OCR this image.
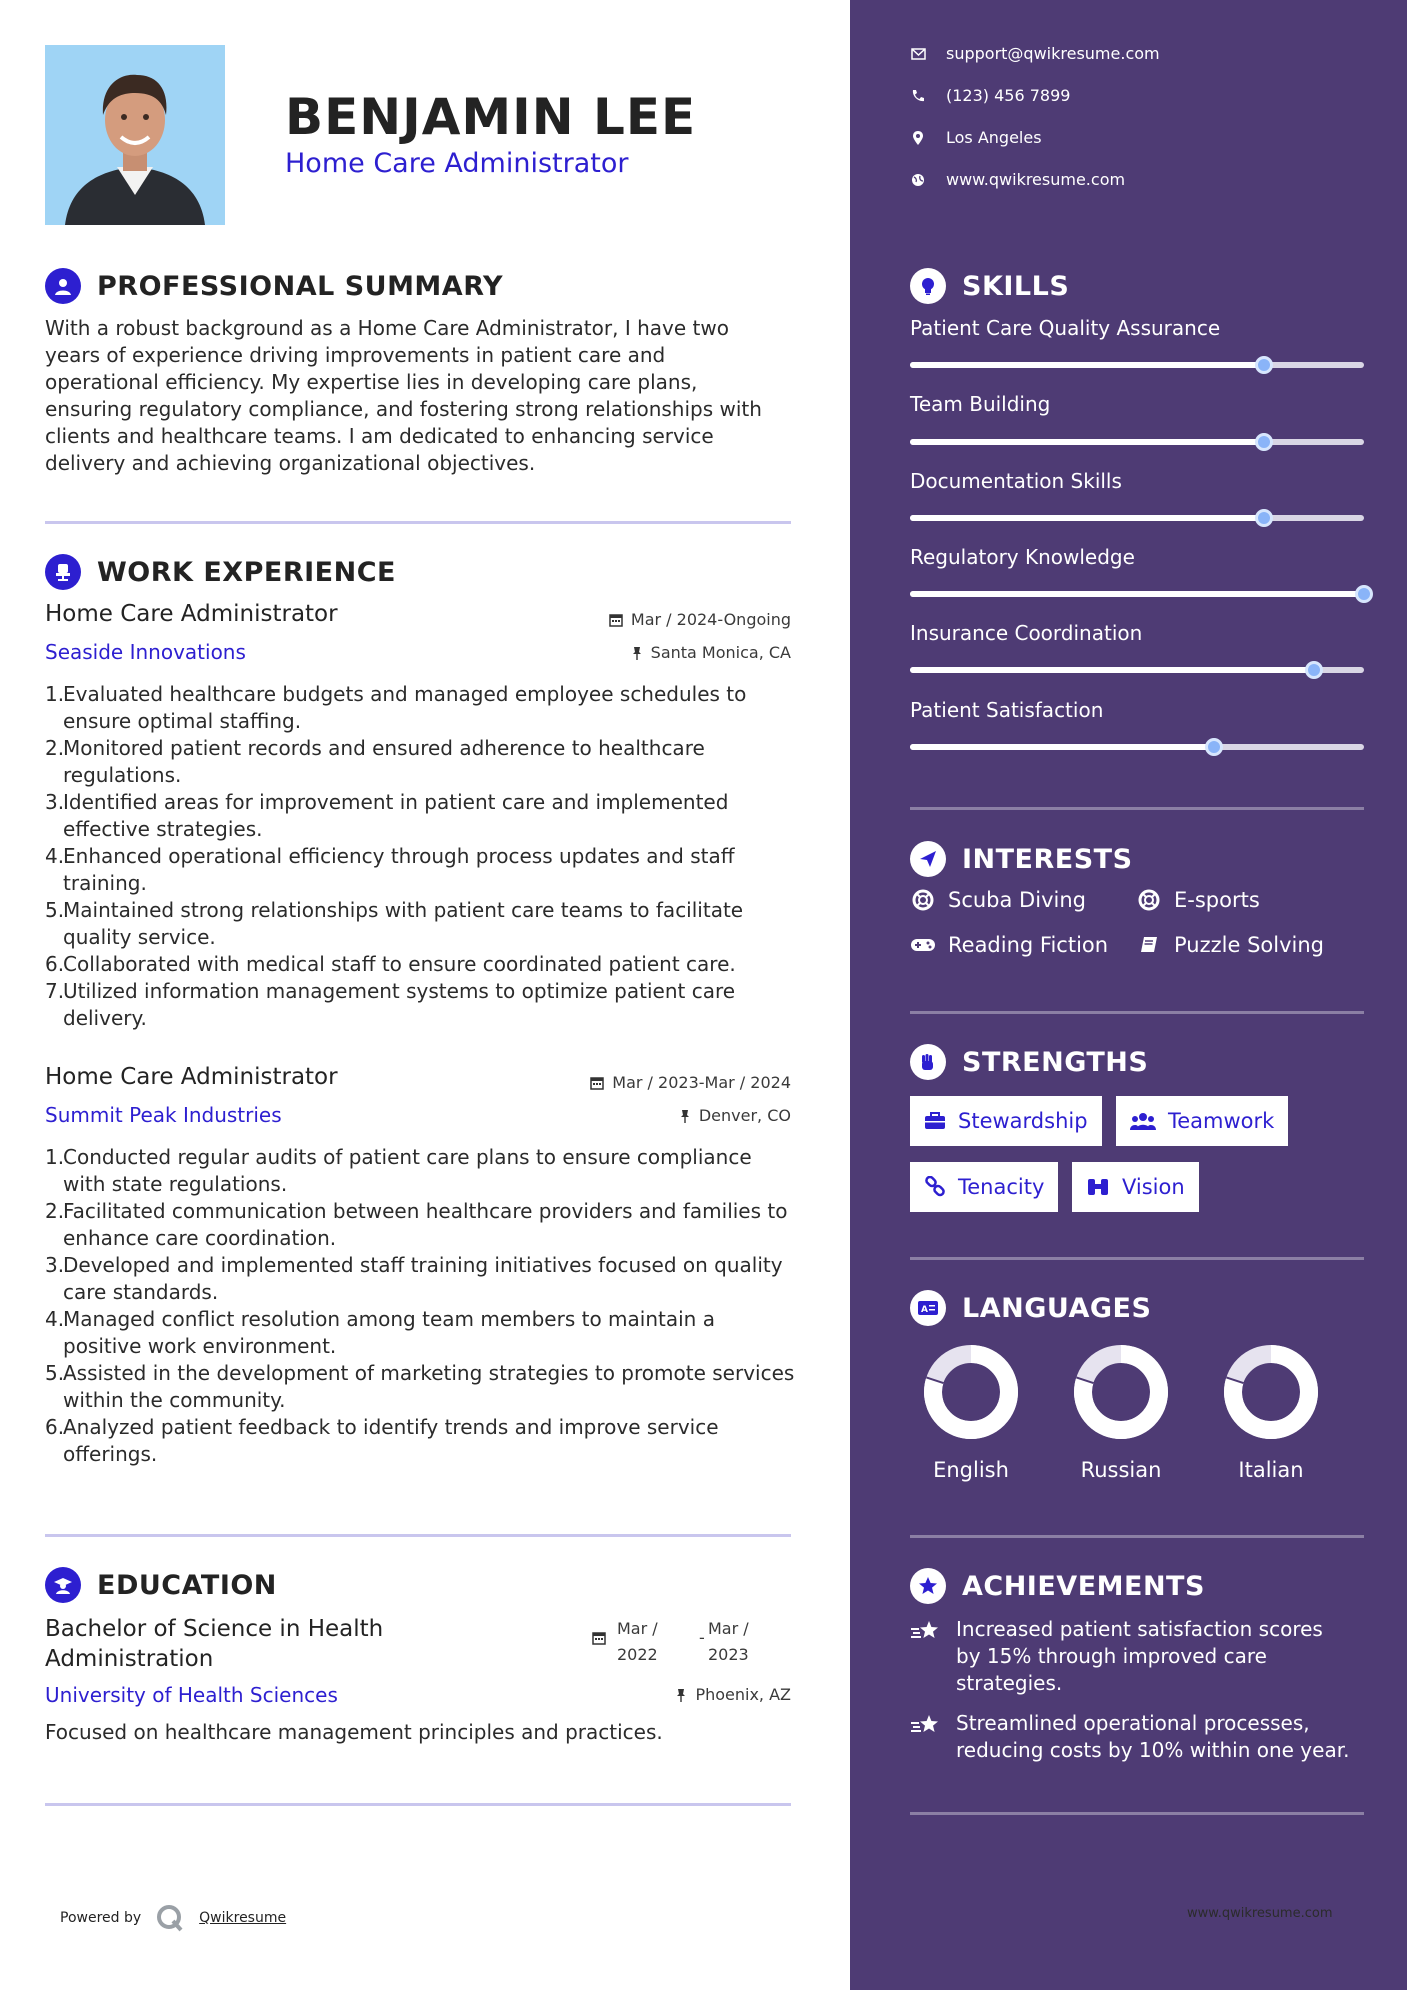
BENJAMIN LEE
Home Care Administrator
PROFESSIONAL SUMMARY
With a robust background as a Home Care Administrator, I have two years of experience driving improvements in patient care and operational efficiency. My expertise lies in developing care plans, ensuring regulatory compliance, and fostering strong relationships with clients and healthcare teams. I am dedicated to enhancing service delivery and achieving organizational objectives.
WORK EXPERIENCE
Home Care Administrator	Mar / 2024-Ongoing
Seaside Innovations	Santa Monica, CA
1.
Evaluated healthcare budgets and managed employee schedules to ensure optimal staffing.
2.
Monitored patient records and ensured adherence to healthcare regulations.
3.
Identified areas for improvement in patient care and implemented effective strategies.
4.
Enhanced operational efficiency through process updates and staff training.
5.
Maintained strong relationships with patient care teams to facilitate quality service.
6.
Collaborated with medical staff to ensure coordinated patient care.
7.
Utilized information management systems to optimize patient care delivery.
Home Care Administrator	Mar / 2023-Mar / 2024
Summit Peak Industries	Denver, CO
1.
Conducted regular audits of patient care plans to ensure compliance with state regulations.
2.
Facilitated communication between healthcare providers and families to enhance care coordination.
3.
Developed and implemented staff training initiatives focused on quality care standards.
4.
Managed conflict resolution among team members to maintain a positive work environment.
5.
Assisted in the development of marketing strategies to promote services within the community.
6.
Analyzed patient feedback to identify trends and improve service offerings.
EDUCATION
Bachelor of Science in Health
Administration
Mar /
2022
- Mar /
2023
University of Health Sciences	Phoenix, AZ
Focused on healthcare management principles and practices.
Powered by	Qwikresume
support@qwikresume.com
(123) 456 7899
Los Angeles
www.qwikresume.com
SKILLS
Patient Care Quality Assurance
Team Building
Documentation Skills
Regulatory Knowledge
Insurance Coordination
Patient Satisfaction
INTERESTS
Scuba Diving	E-sports
Reading Fiction	Puzzle Solving
STRENGTHS
Stewardship	Teamwork
Tenacity	Vision
A LANGUAGES
English	Russian	Italian
ACHIEVEMENTS
Increased patient satisfaction scores
by 15% through improved care
strategies.
Streamlined operational processes,
reducing costs by 10% within one year.
www.qwikresume.com
